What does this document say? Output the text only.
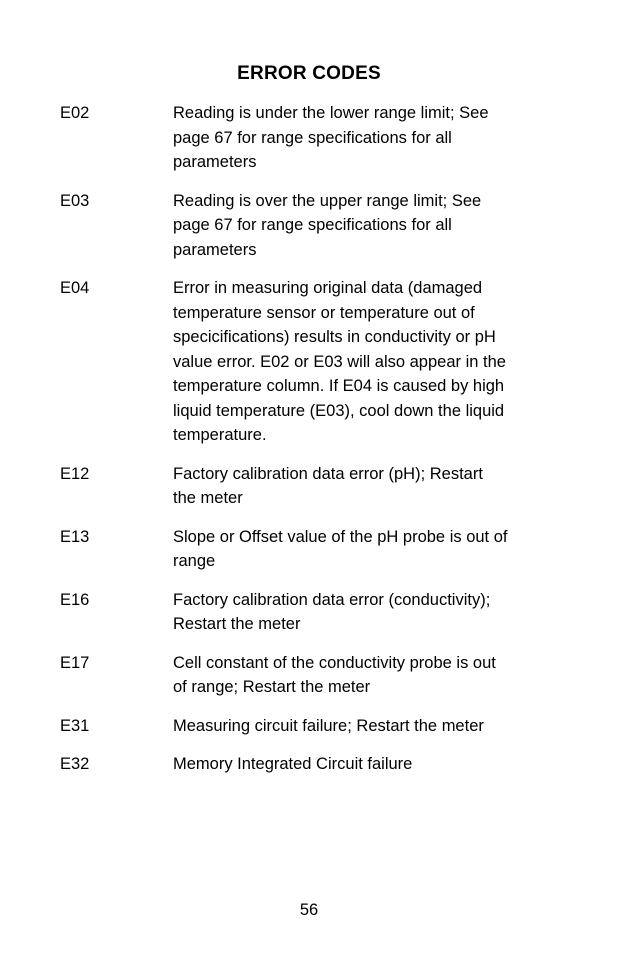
ERROR CODES
E02	Reading is under the lower range limit; See
page 67 for range specifications for all
parameters
E03	Reading is over the upper range limit; See
page 67 for range specifications for all
parameters
E04	Error in measuring original data (damaged
temperature sensor or temperature out of
specicifications) results in conductivity or pH
value error. E02 or E03 will also appear in the
temperature column. If E04 is caused by high
liquid temperature (E03), cool down the liquid
temperature.
E12	Factory calibration data error (pH); Restart
the meter
E13	Slope or Offset value of the pH probe is out of
range
E16	Factory calibration data error (conductivity);
Restart the meter
E17	Cell constant of the conductivity probe is out
of range; Restart the meter
E31	Measuring circuit failure; Restart the meter
E32	Memory Integrated Circuit failure
56
